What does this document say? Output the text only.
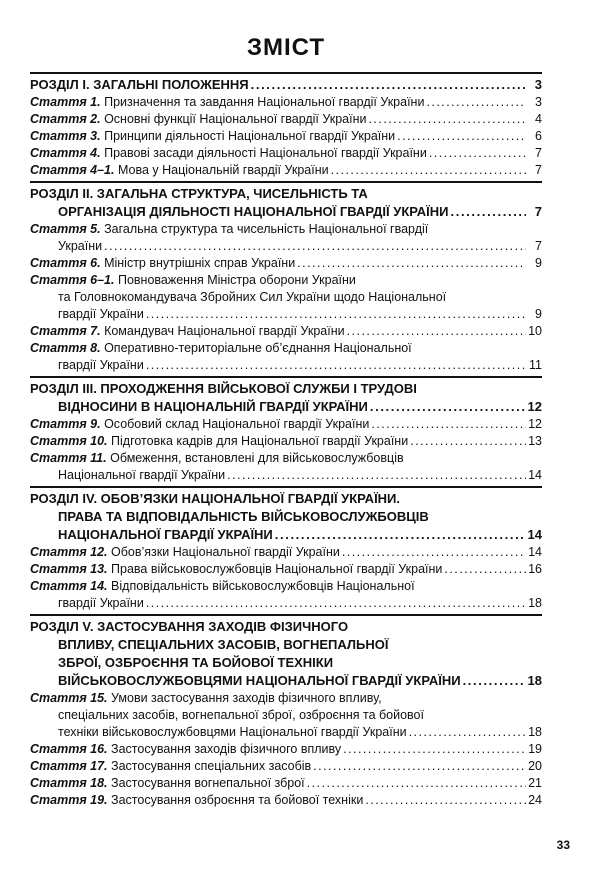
ЗМІСТ
РОЗДІЛ І. ЗАГАЛЬНІ ПОЛОЖЕННЯ . . .	3
Стаття 1. Призначення та завдання Національної гвардії України . . .	3
Стаття 2. Основні функції Національної гвардії України . . .	4
Стаття 3. Принципи діяльності Національної гвардії України . . .	6
Стаття 4. Правові засади діяльності Національної гвардії України . . .	7
Стаття 4–1. Мова у Національній гвардії України . . .	7
РОЗДІЛ ІІ. ЗАГАЛЬНА СТРУКТУРА, ЧИСЕЛЬНІСТЬ ТА
ОРГАНІЗАЦІЯ ДІЯЛЬНОСТІ НАЦІОНАЛЬНОЇ ГВАРДІЇ УКРАЇНИ . . .	7
Стаття 5. Загальна структура та чисельність Національної гвардії
України . . .	7
Стаття 6. Міністр внутрішніх справ України . . .	9
Стаття 6–1. Повноваження Міністра оборони України
та Головнокомандувача Збройних Сил України щодо Національної
гвардії України . . .	9
Стаття 7. Командувач Національної гвардії України . . .	10
Стаття 8. Оперативно-територіальне об’єднання Національної
гвардії України . . .	11
РОЗДІЛ ІІІ. ПРОХОДЖЕННЯ ВІЙСЬКОВОЇ СЛУЖБИ І ТРУДОВІ
ВІДНОСИНИ В НАЦІОНАЛЬНІЙ ГВАРДІЇ УКРАЇНИ . . .	12
Стаття 9. Особовий склад Національної гвардії України . . .	12
Стаття 10. Підготовка кадрів для Національної гвардії України . . .	13
Стаття 11. Обмеження, встановлені для військовослужбовців
Національної гвардії України . . .	14
РОЗДІЛ IV. ОБОВ’ЯЗКИ НАЦІОНАЛЬНОЇ ГВАРДІЇ УКРАЇНИ.
ПРАВА ТА ВІДПОВІДАЛЬНІСТЬ ВІЙСЬКОВОСЛУЖБОВЦІВ
НАЦІОНАЛЬНОЇ ГВАРДІЇ УКРАЇНИ . . .	14
Стаття 12. Обов’язки Національної гвардії України . . .	14
Стаття 13. Права військовослужбовців Національної гвардії України . . .	16
Стаття 14. Відповідальність військовослужбовців Національної
гвардії України . . .	18
РОЗДІЛ V. ЗАСТОСУВАННЯ ЗАХОДІВ ФІЗИЧНОГО
ВПЛИВУ, СПЕЦІАЛЬНИХ ЗАСОБІВ, ВОГНЕПАЛЬНОЇ
ЗБРОЇ, ОЗБРОЄННЯ ТА БОЙОВОЇ ТЕХНІКИ
ВІЙСЬКОВОСЛУЖБОВЦЯМИ НАЦІОНАЛЬНОЇ ГВАРДІЇ УКРАЇНИ . . .	18
Стаття 15. Умови застосування заходів фізичного впливу,
спеціальних засобів, вогнепальної зброї, озброєння та бойової
техніки військовослужбовцями Національної гвардії України . . .	18
Стаття 16. Застосування заходів фізичного впливу . . .	19
Стаття 17. Застосування спеціальних засобів . . .	20
Стаття 18. Застосування вогнепальної зброї . . .	21
Стаття 19. Застосування озброєння та бойової техніки . . .	24
33
